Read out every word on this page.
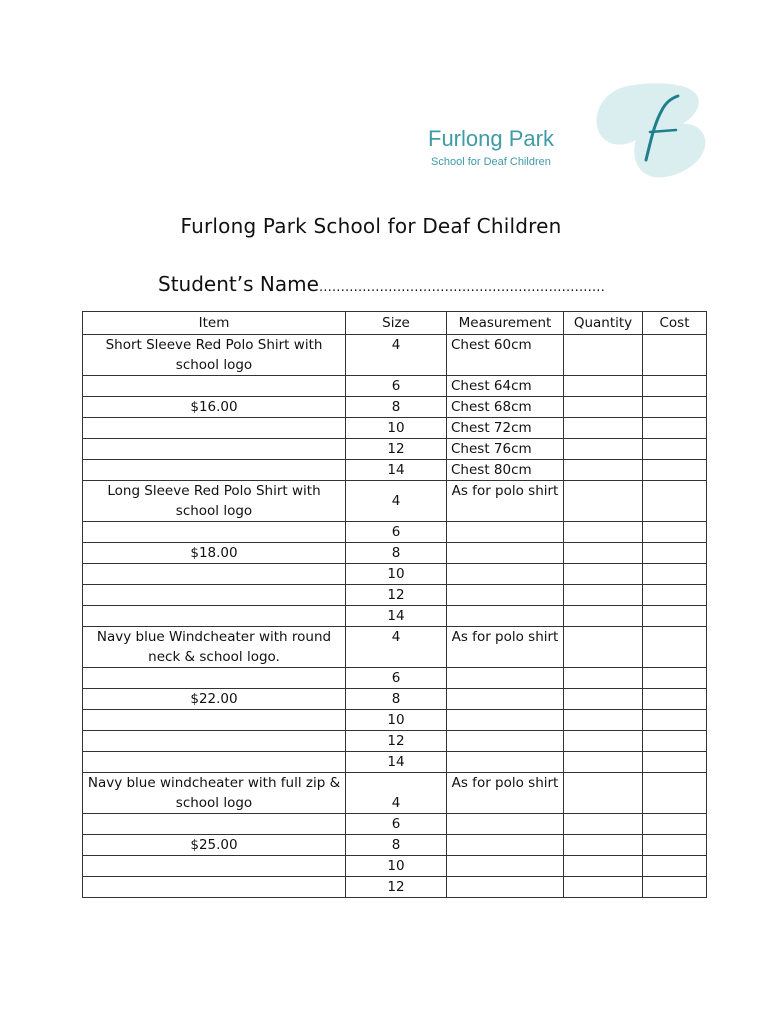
Furlong Park
School for Deaf Children
Furlong Park School for Deaf Children
Student’s Name…………………………………………………………
Item	Size	Measurement	Quantity	Cost
Short Sleeve Red Polo Shirt with school logo	4	Chest 60cm		
	6	Chest 64cm		
$16.00	8	Chest 68cm		
	10	Chest 72cm		
	12	Chest 76cm		
	14	Chest 80cm		
Long Sleeve Red Polo Shirt with school logo	4	As for polo shirt		
	6			
$18.00	8			
	10			
	12			
	14			
Navy blue Windcheater with round neck & school logo.	4	As for polo shirt		
	6			
$22.00	8			
	10			
	12			
	14			
Navy blue windcheater with full zip & school logo	4	As for polo shirt		
	6			
$25.00	8			
	10			
	12			
